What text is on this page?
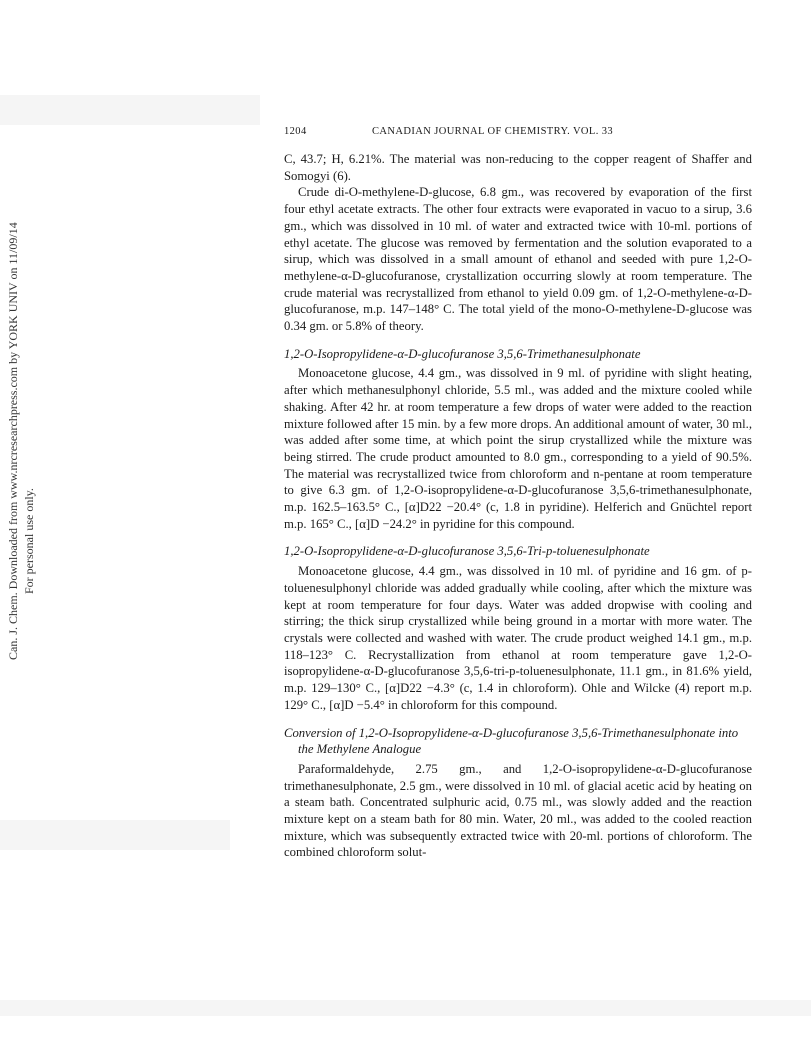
Can. J. Chem. Downloaded from www.nrcresearchpress.com by YORK UNIV on 11/09/14 For personal use only.
1204	CANADIAN JOURNAL OF CHEMISTRY. VOL. 33

C, 43.7; H, 6.21%. The material was non-reducing to the copper reagent of Shaffer and Somogyi (6).

Crude di-O-methylene-D-glucose, 6.8 gm., was recovered by evaporation of the first four ethyl acetate extracts. The other four extracts were evaporated in vacuo to a sirup, 3.6 gm., which was dissolved in 10 ml. of water and extracted twice with 10-ml. portions of ethyl acetate. The glucose was removed by fermentation and the solution evaporated to a sirup, which was dissolved in a small amount of ethanol and seeded with pure 1,2-O-methylene-α-D-glucofuranose, crystallization occurring slowly at room temperature. The crude material was recrystallized from ethanol to yield 0.09 gm. of 1,2-O-methylene-α-D-glucofuranose, m.p. 147–148° C. The total yield of the mono-O-methylene-D-glucose was 0.34 gm. or 5.8% of theory.

1,2-O-Isopropylidene-α-D-glucofuranose 3,5,6-Trimethanesulphonate

Monoacetone glucose, 4.4 gm., was dissolved in 9 ml. of pyridine with slight heating, after which methanesulphonyl chloride, 5.5 ml., was added and the mixture cooled while shaking. After 42 hr. at room temperature a few drops of water were added to the reaction mixture followed after 15 min. by a few more drops. An additional amount of water, 30 ml., was added after some time, at which point the sirup crystallized while the mixture was being stirred. The crude product amounted to 8.0 gm., corresponding to a yield of 90.5%. The material was recrystallized twice from chloroform and n-pentane at room temperature to give 6.3 gm. of 1,2-O-isopropylidene-α-D-glucofuranose 3,5,6-trimethanesulphonate, m.p. 162.5–163.5° C., [α]D22 −20.4° (c, 1.8 in pyridine). Helferich and Gnüchtel report m.p. 165° C., [α]D −24.2° in pyridine for this compound.

1,2-O-Isopropylidene-α-D-glucofuranose 3,5,6-Tri-p-toluenesulphonate

Monoacetone glucose, 4.4 gm., was dissolved in 10 ml. of pyridine and 16 gm. of p-toluenesulphonyl chloride was added gradually while cooling, after which the mixture was kept at room temperature for four days. Water was added dropwise with cooling and stirring; the thick sirup crystallized while being ground in a mortar with more water. The crystals were collected and washed with water. The crude product weighed 14.1 gm., m.p. 118–123° C. Recrystallization from ethanol at room temperature gave 1,2-O-isopropylidene-α-D-glucofuranose 3,5,6-tri-p-toluenesulphonate, 11.1 gm., in 81.6% yield, m.p. 129–130° C., [α]D22 −4.3° (c, 1.4 in chloroform). Ohle and Wilcke (4) report m.p. 129° C., [α]D −5.4° in chloroform for this compound.

Conversion of 1,2-O-Isopropylidene-α-D-glucofuranose 3,5,6-Trimethanesulphonate into the Methylene Analogue

Paraformaldehyde, 2.75 gm., and 1,2-O-isopropylidene-α-D-glucofuranose trimethanesulphonate, 2.5 gm., were dissolved in 10 ml. of glacial acetic acid by heating on a steam bath. Concentrated sulphuric acid, 0.75 ml., was slowly added and the reaction mixture kept on a steam bath for 80 min. Water, 20 ml., was added to the cooled reaction mixture, which was subsequently extracted twice with 20-ml. portions of chloroform. The combined chloroform solut-
